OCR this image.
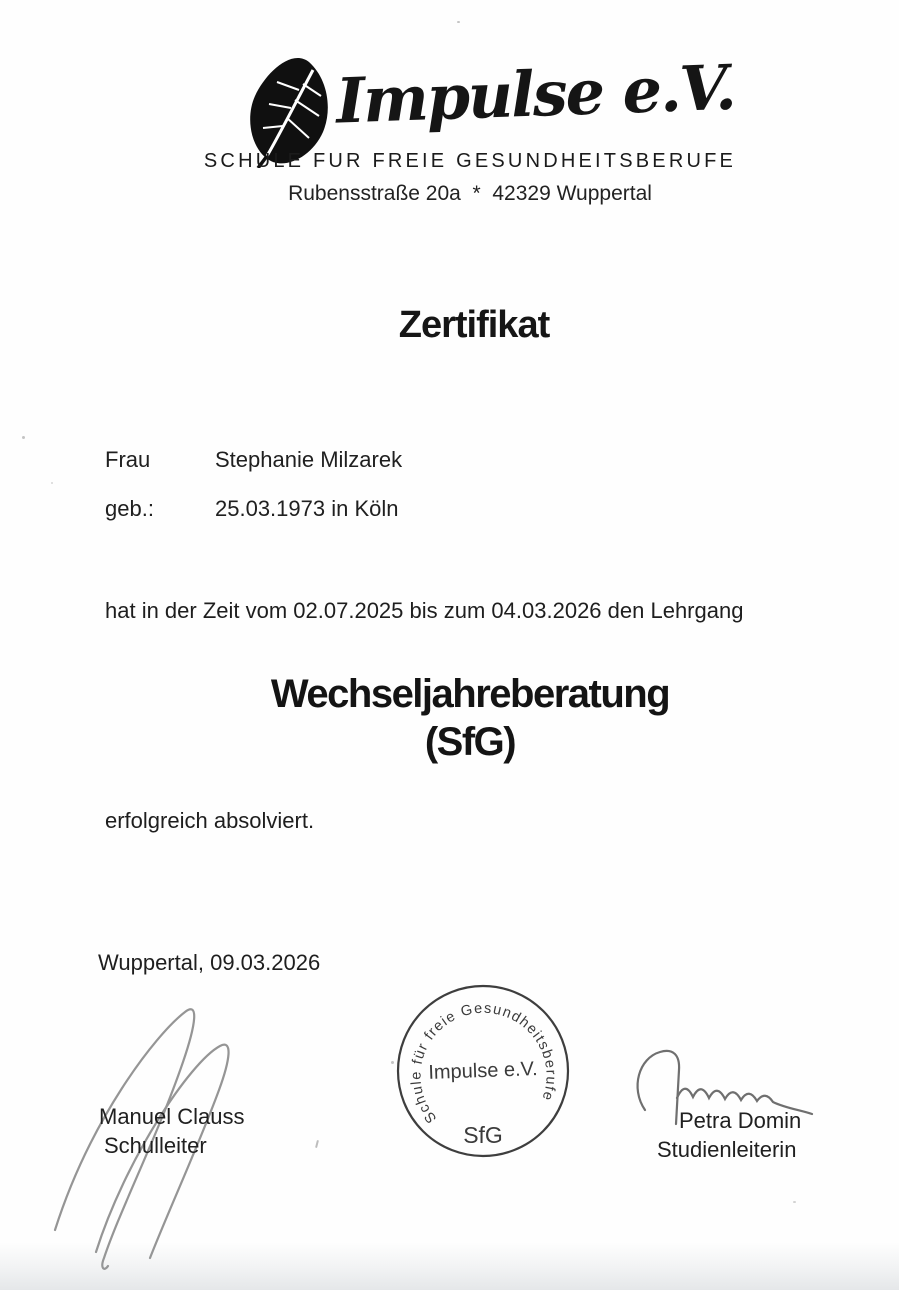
Impulse e.V.
SCHULE FUR FREIE GESUNDHEITSBERUFE
Rubensstraße 20a  *  42329 Wuppertal
Zertifikat
Frau	Stephanie Milzarek
geb.:	25.03.1973 in Köln
hat in der Zeit vom 02.07.2025 bis zum 04.03.2026 den Lehrgang
Wechseljahreberatung
(SfG)
erfolgreich absolviert.
Wuppertal, 09.03.2026
Schule für freie Gesundheitsberufe
Impulse e.V.
SfG
Manuel Clauss
Schulleiter
Petra Domin
Studienleiterin
